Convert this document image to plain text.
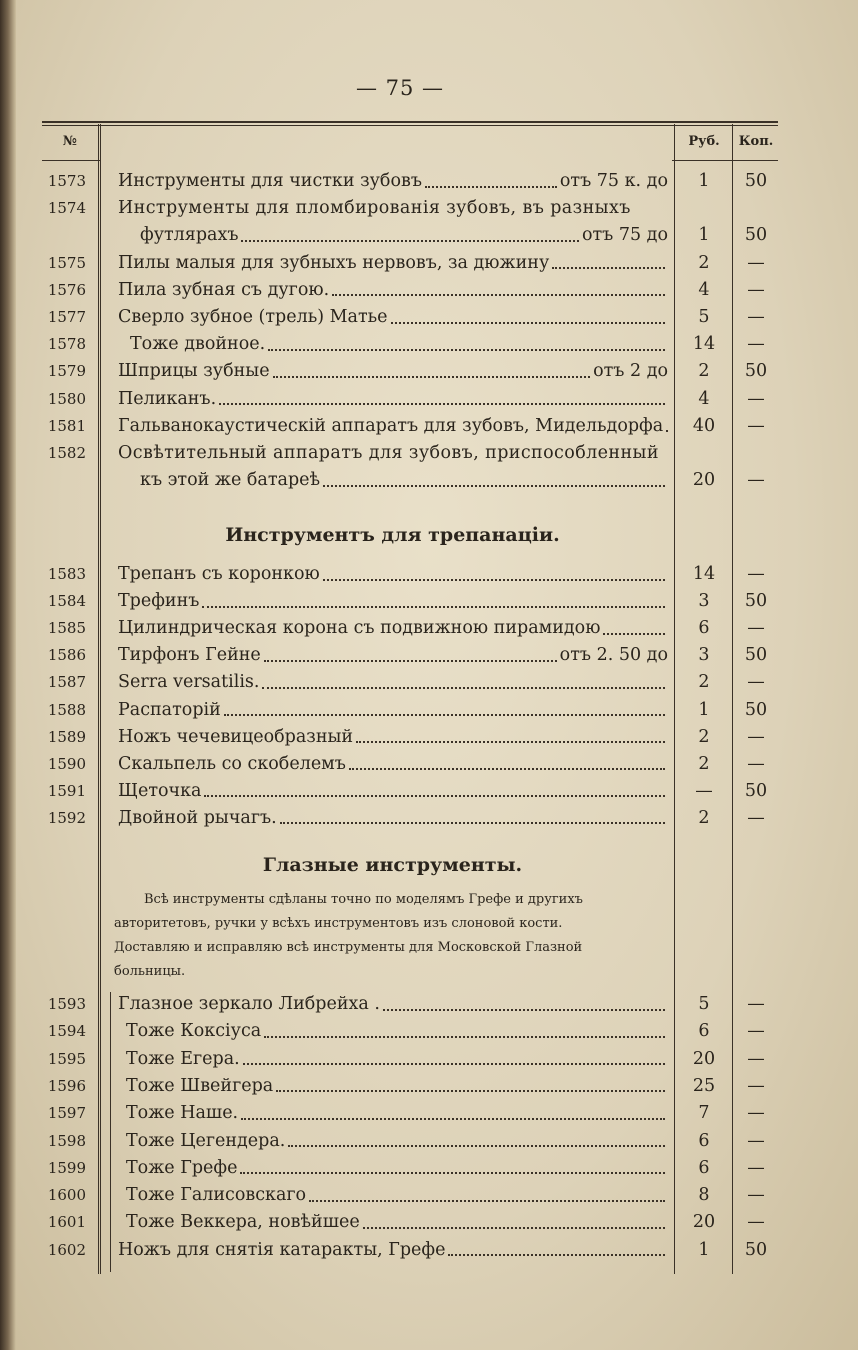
— 75 —
№	Руб.	Коп.
1573 Инструменты для чистки зубовъ	отъ 75 к. до	1	50
1574 Инструменты для пломбированія зубовъ, въ разныхъ
футлярахъ	отъ 75 до	1	50
1575 Пилы малыя для зубныхъ нервовъ, за дюжину	2	—
1576 Пила зубная съ дугою.	4	—
1577 Сверло зубное (трель) Матье	5	—
1578	Тоже двойное.	14	—
1579 Шприцы зубные	отъ 2 до	2	50
1580 Пеликанъ.	4	—
1581 Гальванокаустическій аппаратъ для зубовъ, Мидельдорфа	40	—
1582 Освѣтительный аппаратъ для зубовъ, приспособленный
къ этой же батареѣ	20	—
Инструментъ для трепанаціи.
1583 Трепанъ съ коронкою	14	—
1584 Трефинъ	3	50
1585 Цилиндрическая корона съ подвижною пирамидою	6	—
1586 Тирфонъ Гейне	отъ 2. 50 до	3	50
1587 Serra versatilis.	2	—
1588 Распаторій	1	50
1589 Ножъ чечевицеобразный	2	—
1590 Скальпель со скобелемъ	2	—
1591 Щеточка	—	50
1592 Двойной рычагъ.	2	—
Глазные инструменты.
Всѣ инструменты сдѣланы точно по моделямъ Грефе и другихъ
авторитетовъ, ручки у всѣхъ инструментовъ изъ слоновой кости.
Доставляю и исправляю всѣ инструменты для Московской Глазной
больницы.
1593 Глазное зеркало Либрейха .	5	—
1594 Тоже Коксіуса	6	—
1595 Тоже Егера.	20	—
1596 Тоже Швейгера	25	—
1597 Тоже Наше.	7	—
1598 Тоже Цегендера.	6	—
1599 Тоже Грефе	6	—
1600 Тоже Галисовскаго	8	—
1601 Тоже Веккера, новѣйшее	20	—
1602 Ножъ для снятія катаракты, Грефе	1	50
